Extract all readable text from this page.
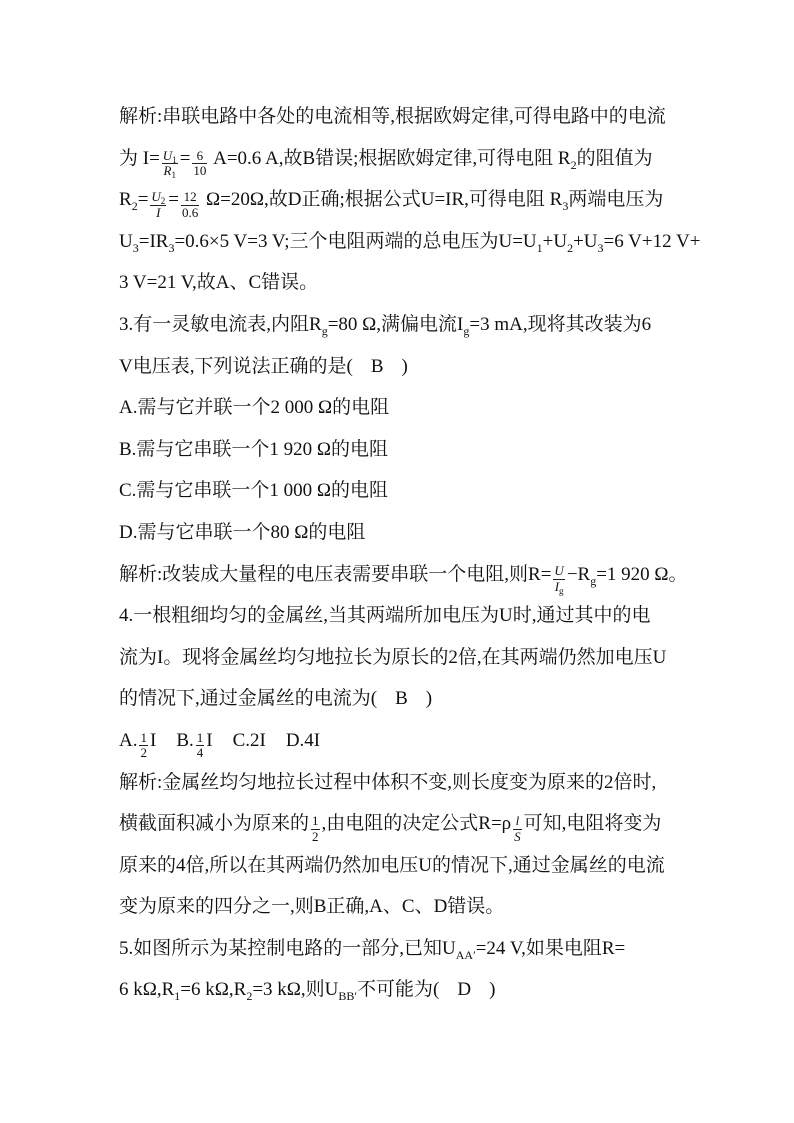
解析:串联电路中各处的电流相等,根据欧姆定律,可得电路中的电流
为 $I= \frac{U_1}{R_1} = \frac{6}{10} A=0.6$ A,故B错误;根据欧姆定律,可得电阻 R $_2$ 的阻值为
R $_2 = \frac{U_2}{I} = \frac{12}{0.6} \Omega=20\Omega$,故D正确;根据公式U=IR,可得电阻 R $_3$ 两端电压为
U $_3$ =IR $_3$ =0.6×5 V=3 V;三个电阻两端的总电压为U=U $_1$ +U $_2$ +U $_3$ =6 V+12 V+
3 V=21 V,故A、C错误。
3.有一灵敏电流表,内阻R $_g$ =80 Ω,满偏电流I $_g$ =3 mA,现将其改装为6
V电压表,下列说法正确的是( B )
A.需与它并联一个2 000 Ω的电阻
B.需与它串联一个1 920 Ω的电阻
C.需与它串联一个1 000 Ω的电阻
D.需与它串联一个80 Ω的电阻
解析:改装成大量程的电压表需要串联一个电阻,则$R= \frac{U}{I_g} -R$ $_g$ =1 920 Ω。
4.一根粗细均匀的金属丝,当其两端所加电压为U时,通过其中的电
流为I。现将金属丝均匀地拉长为原长的2倍,在其两端仍然加电压U
的情况下,通过金属丝的电流为( B )
A. $\frac{1}{2}$ I B. $\frac{1}{4}$ I C.2I D.4I
解析:金属丝均匀地拉长过程中体积不变,则长度变为原来的2倍时,
横截面积减小为原来的 $\frac{1}{2}$ ,由电阻的决定公式$R=\rho \frac{l}{S}$ 可知,电阻将变为
原来的4倍,所以在其两端仍然加电压U的情况下,通过金属丝的电流
变为原来的四分之一,则B正确,A、C、D错误。
5.如图所示为某控制电路的一部分,已知U $_{AA'}$ =24 V,如果电阻R=
6 kΩ,R $_1$ =6 kΩ,R $_2$ =3 kΩ,则U $_{BB'}$ 不可能为( D )
